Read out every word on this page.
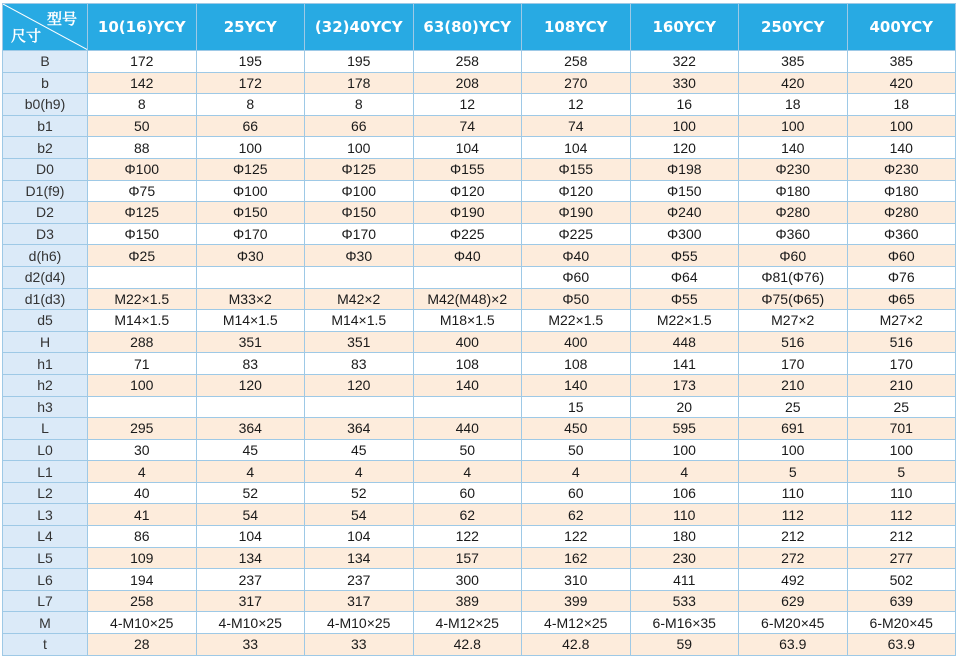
型号
尺寸	10(16)YCY	25YCY	(32)40YCY	63(80)YCY	108YCY	160YCY	250YCY	400YCY
B	172	195	195	258	258	322	385	385
b	142	172	178	208	270	330	420	420
b0(h9)	8	8	8	12	12	16	18	18
b1	50	66	66	74	74	100	100	100
b2	88	100	100	104	104	120	140	140
D0	Φ100	Φ125	Φ125	Φ155	Φ155	Φ198	Φ230	Φ230
D1(f9)	Φ75	Φ100	Φ100	Φ120	Φ120	Φ150	Φ180	Φ180
D2	Φ125	Φ150	Φ150	Φ190	Φ190	Φ240	Φ280	Φ280
D3	Φ150	Φ170	Φ170	Φ225	Φ225	Φ300	Φ360	Φ360
d(h6)	Φ25	Φ30	Φ30	Φ40	Φ40	Φ55	Φ60	Φ60
d2(d4)					Φ60	Φ64	Φ81(Φ76)	Φ76
d1(d3)	M22×1.5	M33×2	M42×2	M42(M48)×2	Φ50	Φ55	Φ75(Φ65)	Φ65
d5	M14×1.5	M14×1.5	M14×1.5	M18×1.5	M22×1.5	M22×1.5	M27×2	M27×2
H	288	351	351	400	400	448	516	516
h1	71	83	83	108	108	141	170	170
h2	100	120	120	140	140	173	210	210
h3					15	20	25	25
L	295	364	364	440	450	595	691	701
L0	30	45	45	50	50	100	100	100
L1	4	4	4	4	4	4	5	5
L2	40	52	52	60	60	106	110	110
L3	41	54	54	62	62	110	112	112
L4	86	104	104	122	122	180	212	212
L5	109	134	134	157	162	230	272	277
L6	194	237	237	300	310	411	492	502
L7	258	317	317	389	399	533	629	639
M	4-M10×25	4-M10×25	4-M10×25	4-M12×25	4-M12×25	6-M16×35	6-M20×45	6-M20×45
t	28	33	33	42.8	42.8	59	63.9	63.9
